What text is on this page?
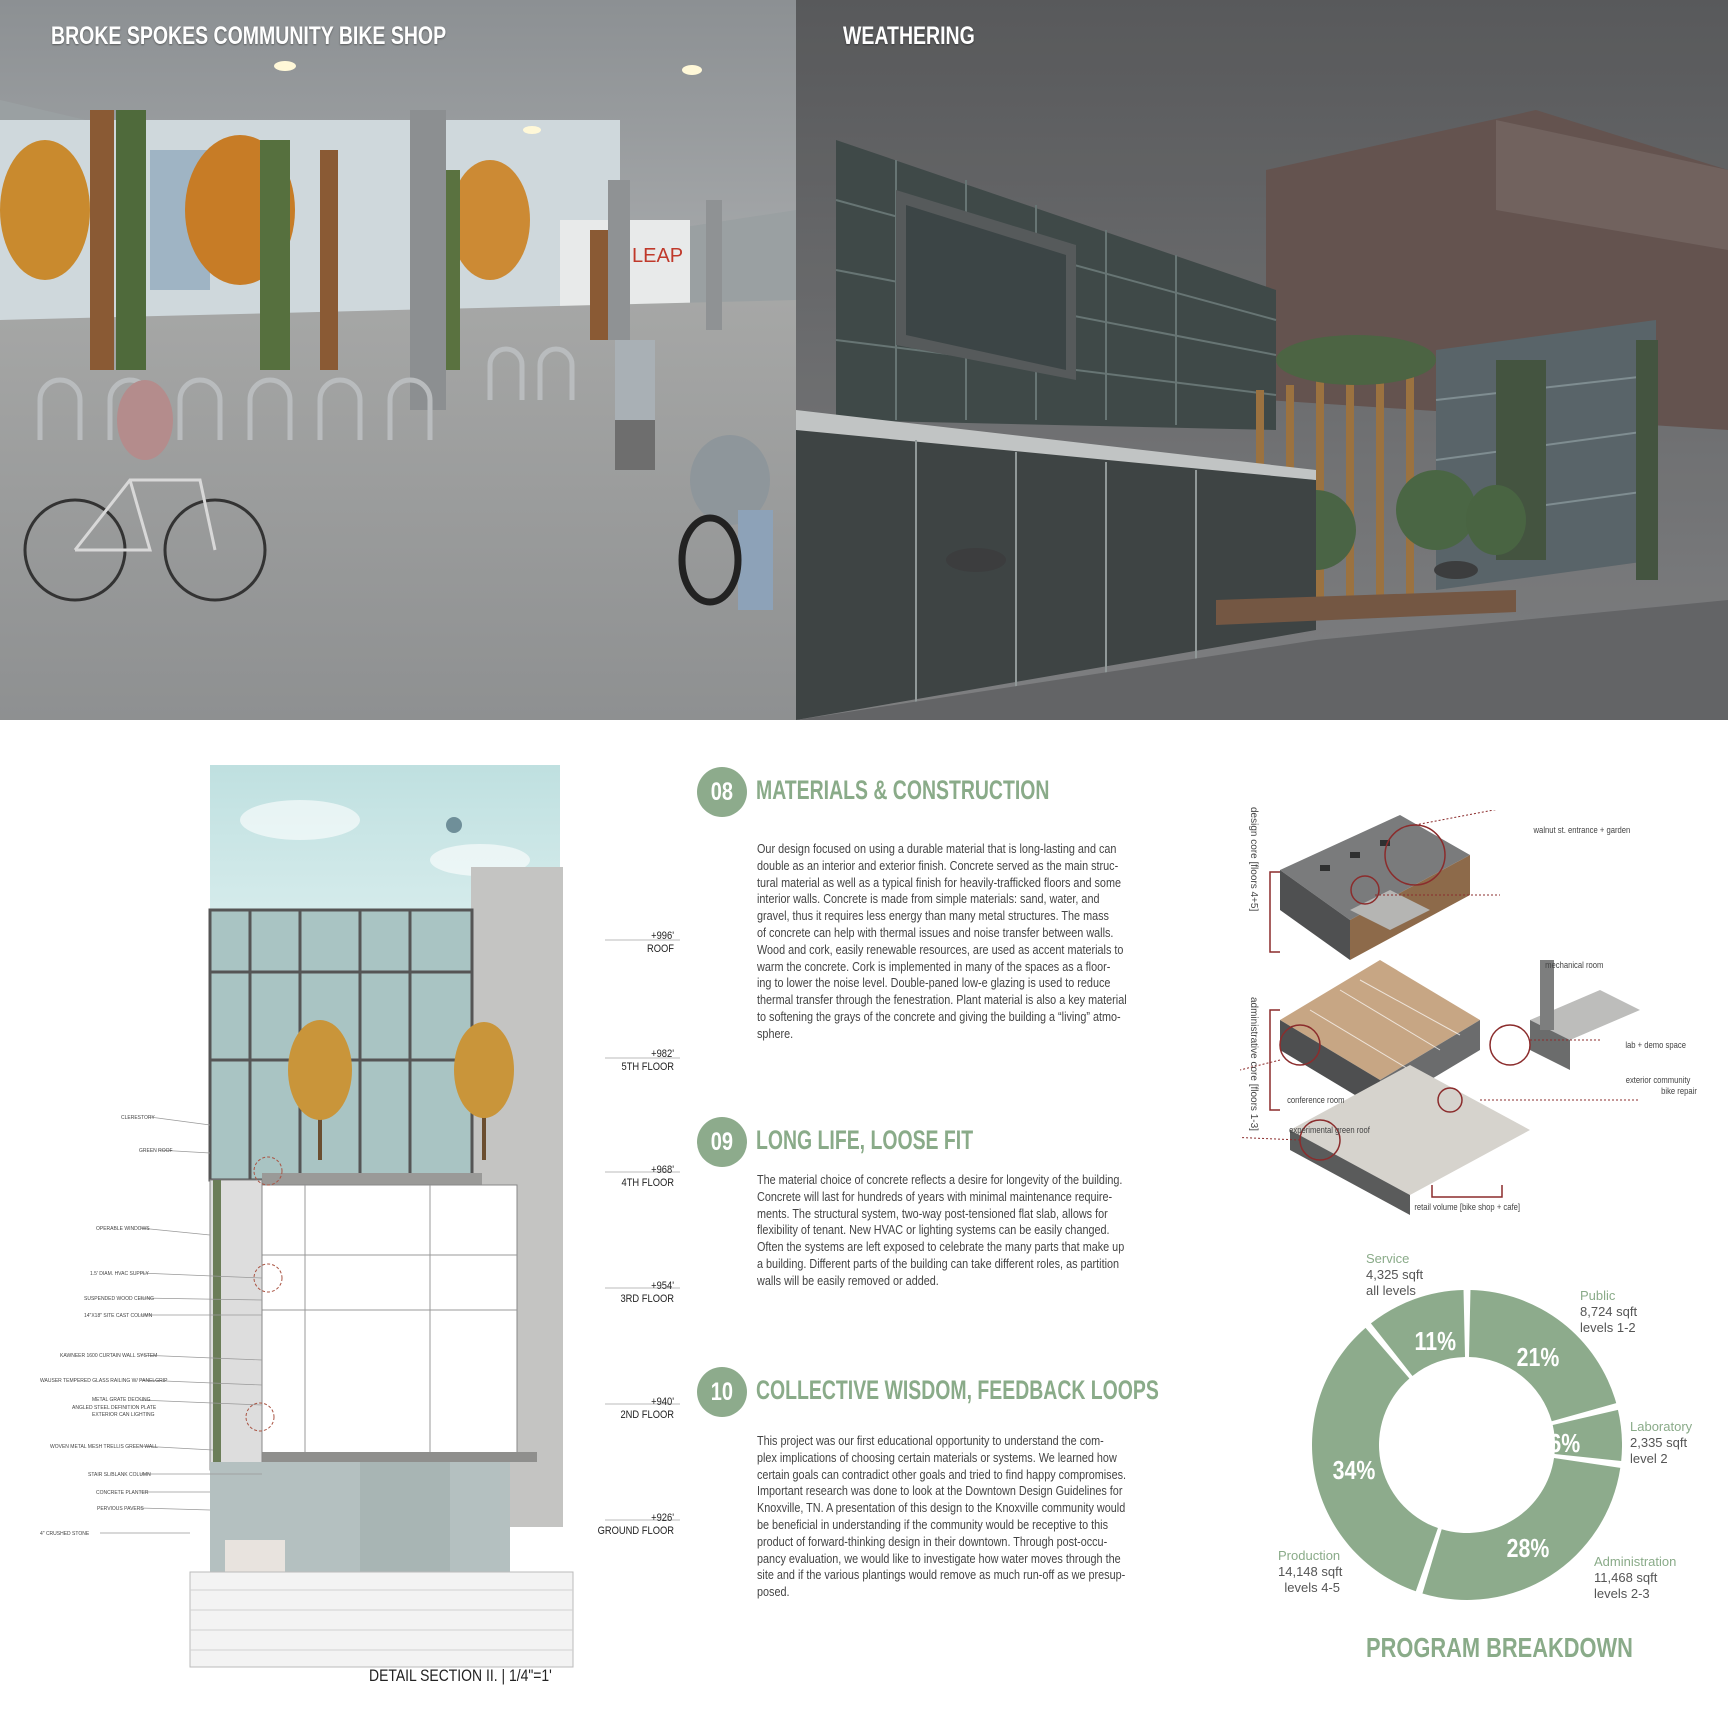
LEAP
BROKE SPOKES COMMUNITY BIKE SHOP	WEATHERING
+996'
ROOF
+982'
5TH FLOOR
+968'
4TH FLOOR
+954'
3RD FLOOR
+940'
2ND FLOOR
+926'
GROUND FLOOR
CLERESTORY
GREEN ROOF
OPERABLE WINDOWS
1.5' DIAM. HVAC SUPPLY
SUSPENDED WOOD CEILING
14"X18" SITE CAST COLUMN
KAWNEER 1600 CURTAIN WALL SYSTEM
WAUSER TEMPERED GLASS RAILING W/ PANELGRIP
METAL GRATE DECKING
ANGLED STEEL DEFINITION PLATE
EXTERIOR CAN LIGHTING
WOVEN METAL MESH TRELLIS GREEN WALL
STAIR SL/BLANK COLUMN
CONCRETE PLANTER
PERVIOUS PAVERS
4" CRUSHED STONE
DETAIL SECTION II. | 1/4"=1'
08 MATERIALS & CONSTRUCTION
Our design focused on using a durable material that is long-lasting and can
double as an interior and exterior finish. Concrete served as the main struc-
tural material as well as a typical finish for heavily-trafficked floors and some
interior walls. Concrete is made from simple materials: sand, water, and
gravel, thus it requires less energy than many metal structures. The mass
of concrete can help with thermal issues and noise transfer between walls.
Wood and cork, easily renewable resources, are used as accent materials to
warm the concrete. Cork is implemented in many of the spaces as a floor-
ing to lower the noise level. Double-paned low-e glazing is used to reduce
thermal transfer through the fenestration. Plant material is also a key material
to softening the grays of the concrete and giving the building a “living” atmo-
sphere.
09 LONG LIFE, LOOSE FIT
The material choice of concrete reflects a desire for longevity of the building.
Concrete will last for hundreds of years with minimal maintenance require-
ments. The structural system, two-way post-tensioned flat slab, allows for
flexibility of tenant. New HVAC or lighting systems can be easily changed.
Often the systems are left exposed to celebrate the many parts that make up
a building. Different parts of the building can take different roles, as partition
walls will be easily removed or added.
10 COLLECTIVE WISDOM, FEEDBACK LOOPS
This project was our first educational opportunity to understand the com-
plex implications of choosing certain materials or systems. We learned how
certain goals can contradict other goals and tried to find happy compromises.
Important research was done to look at the Downtown Design Guidelines for
Knoxville, TN. A presentation of this design to the Knoxville community would
be beneficial in understanding if the community would be receptive to this
product of forward-thinking design in their downtown. Through post-occu-
pancy evaluation, we would like to investigate how water moves through the
site and if the various plantings would remove as much run-off as we presup-
posed.
walnut st. entrance + garden
mechanical room
lab + demo space
exterior community
bike repair
conference room
experimental green roof
retail volume [bike shop + cafe]
design core [floors 4+5]
administrative core [floors 1-3]
21%
6%
28%
34%
11%
Public
8,724 sqft
levels 1-2
Laboratory
2,335 sqft
level 2
Administration
11,468 sqft
levels 2-3
Production
14,148 sqft
levels 4-5
Service
4,325 sqft
all levels
PROGRAM BREAKDOWN
